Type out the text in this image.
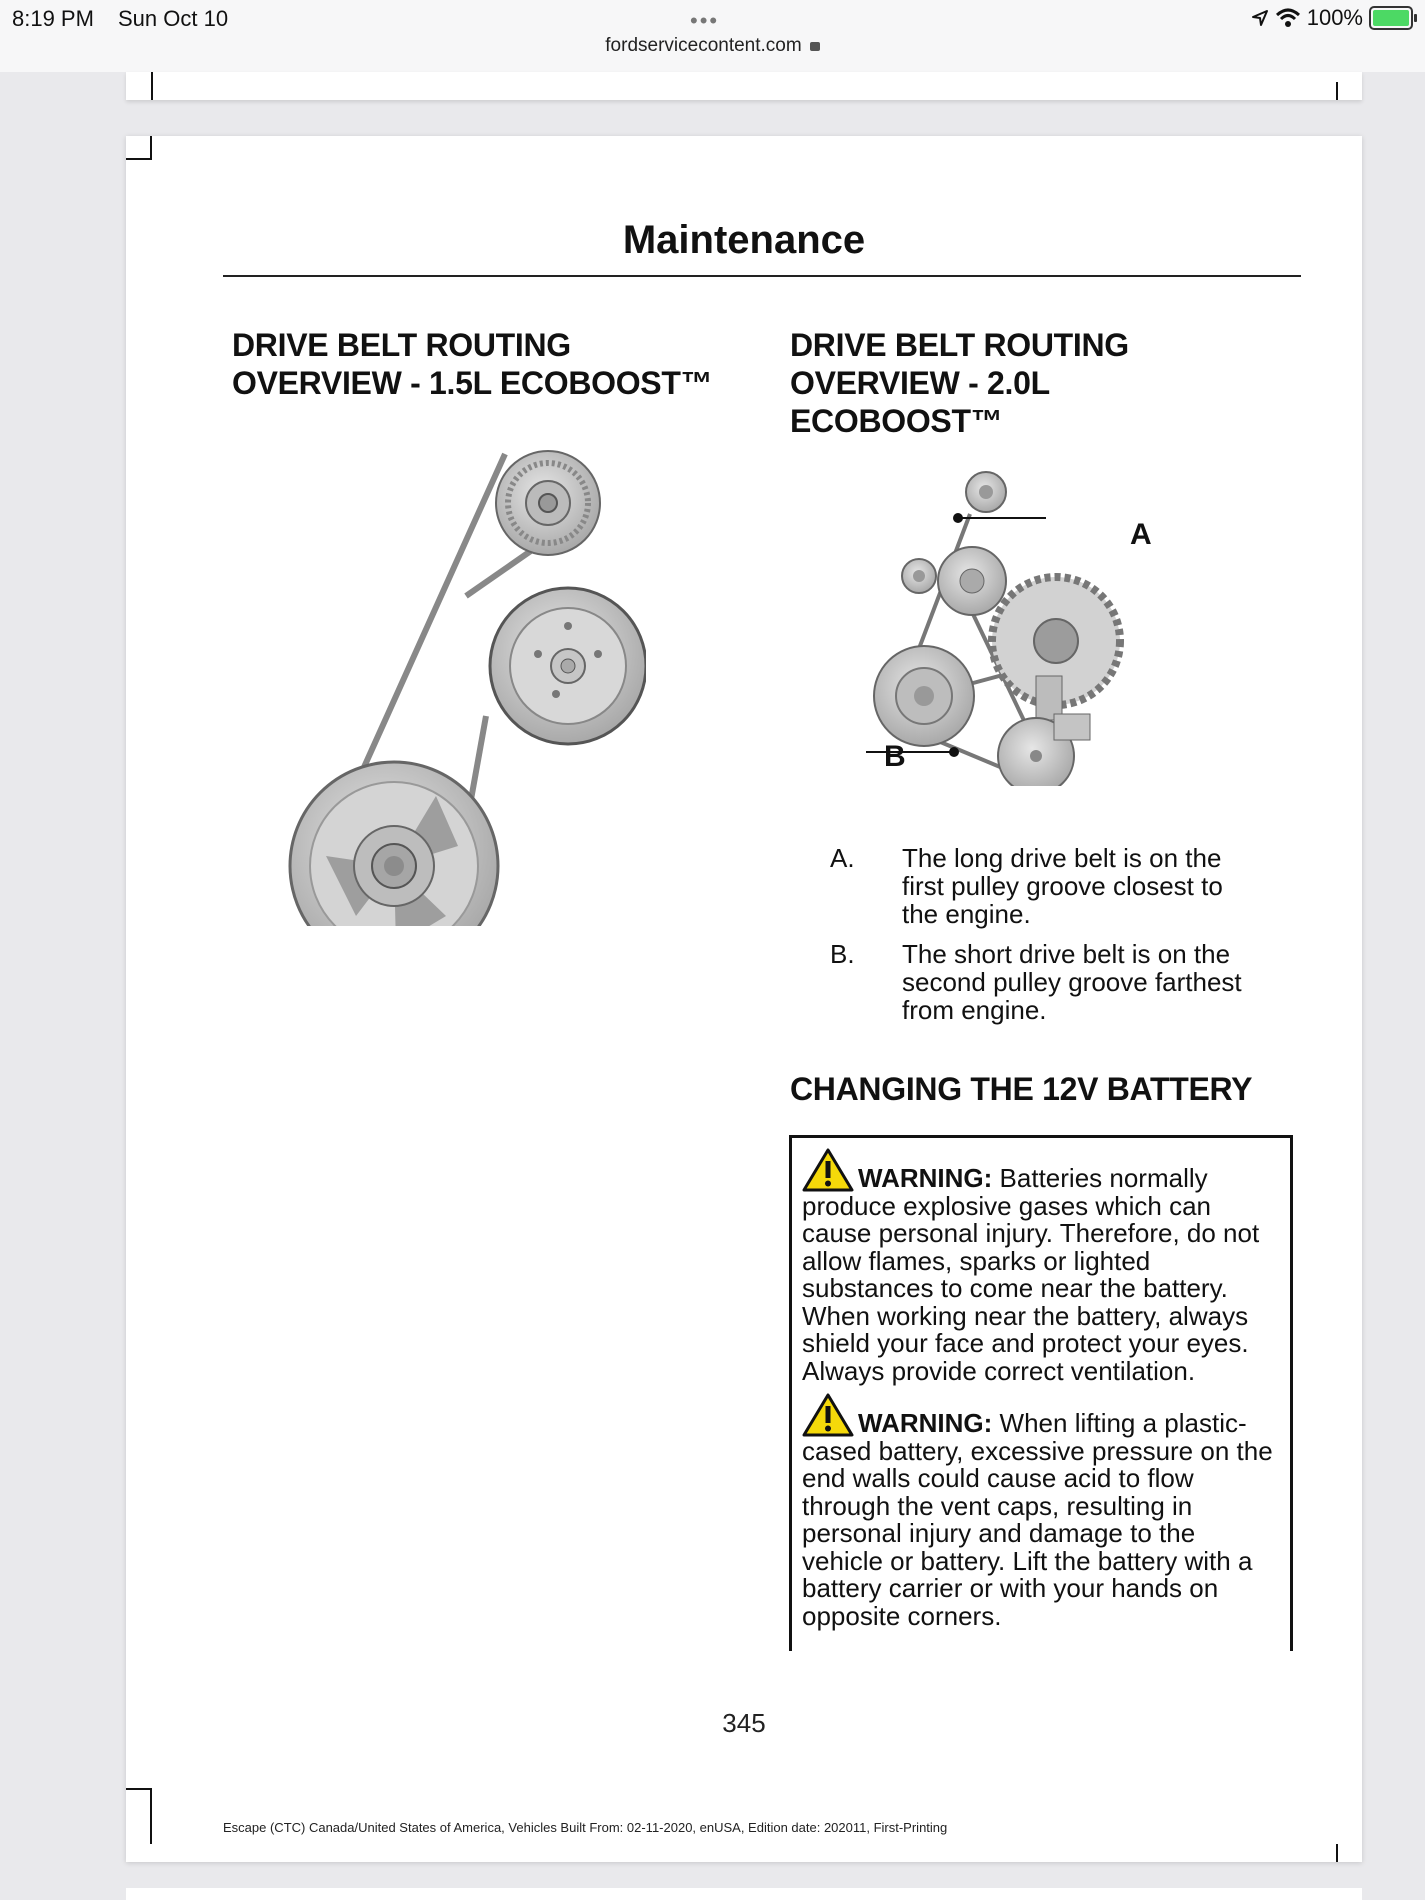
8:19 PM Sun Oct 10	•••
fordservicecontent.com
100%
Maintenance
DRIVE BELT ROUTING
OVERVIEW - 1.5L ECOBOOST™
DRIVE BELT ROUTING
OVERVIEW - 2.0L
ECOBOOST™
A
B
A.	The long drive belt is on the first pulley groove closest to the engine.
B.	The short drive belt is on the second pulley groove farthest from engine.
CHANGING THE 12V BATTERY
WARNING: Batteries normally produce explosive gases which can cause personal injury. Therefore, do not allow flames, sparks or lighted substances to come near the battery. When working near the battery, always shield your face and protect your eyes. Always provide correct ventilation.
WARNING: When lifting a plastic-cased battery, excessive pressure on the end walls could cause acid to flow through the vent caps, resulting in personal injury and damage to the vehicle or battery. Lift the battery with a battery carrier or with your hands on opposite corners.
345
Escape (CTC) Canada/United States of America, Vehicles Built From: 02-11-2020, enUSA, Edition date: 202011, First-Printing
